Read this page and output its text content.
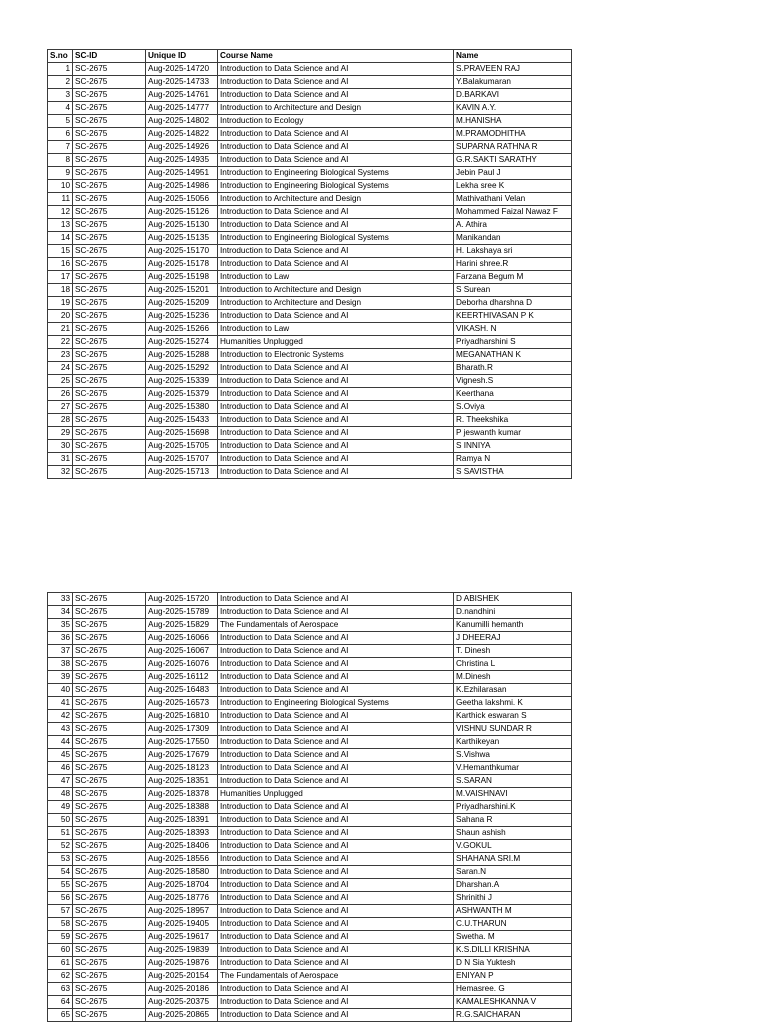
S.no	SC-ID	Unique ID	Course Name	Name
1	SC-2675	Aug-2025-14720	Introduction to Data Science and AI	S.PRAVEEN RAJ
2	SC-2675	Aug-2025-14733	Introduction to Data Science and AI	Y.Balakumaran
3	SC-2675	Aug-2025-14761	Introduction to Data Science and AI	D.BARKAVI
4	SC-2675	Aug-2025-14777	Introduction to Architecture and Design	KAVIN A.Y.
5	SC-2675	Aug-2025-14802	Introduction to Ecology	M.HANISHA
6	SC-2675	Aug-2025-14822	Introduction to Data Science and AI	M.PRAMODHITHA
7	SC-2675	Aug-2025-14926	Introduction to Data Science and AI	SUPARNA RATHNA R
8	SC-2675	Aug-2025-14935	Introduction to Data Science and AI	G.R.SAKTI SARATHY
9	SC-2675	Aug-2025-14951	Introduction to Engineering Biological Systems	Jebin Paul J
10	SC-2675	Aug-2025-14986	Introduction to Engineering Biological Systems	Lekha sree K
11	SC-2675	Aug-2025-15056	Introduction to Architecture and Design	Mathivathani Velan
12	SC-2675	Aug-2025-15126	Introduction to Data Science and AI	Mohammed Faizal Nawaz F
13	SC-2675	Aug-2025-15130	Introduction to Data Science and AI	A. Athira
14	SC-2675	Aug-2025-15135	Introduction to Engineering Biological Systems	Manikandan
15	SC-2675	Aug-2025-15170	Introduction to Data Science and AI	H. Lakshaya sri
16	SC-2675	Aug-2025-15178	Introduction to Data Science and AI	Harini shree.R
17	SC-2675	Aug-2025-15198	Introduction to Law	Farzana Begum M
18	SC-2675	Aug-2025-15201	Introduction to Architecture and Design	S Surean
19	SC-2675	Aug-2025-15209	Introduction to Architecture and Design	Deborha dharshna D
20	SC-2675	Aug-2025-15236	Introduction to Data Science and AI	KEERTHIVASAN P K
21	SC-2675	Aug-2025-15266	Introduction to Law	VIKASH. N
22	SC-2675	Aug-2025-15274	Humanities Unplugged	Priyadharshini S
23	SC-2675	Aug-2025-15288	Introduction to Electronic Systems	MEGANATHAN K
24	SC-2675	Aug-2025-15292	Introduction to Data Science and AI	Bharath.R
25	SC-2675	Aug-2025-15339	Introduction to Data Science and AI	Vignesh.S
26	SC-2675	Aug-2025-15379	Introduction to Data Science and AI	Keerthana
27	SC-2675	Aug-2025-15380	Introduction to Data Science and AI	S.Oviya
28	SC-2675	Aug-2025-15433	Introduction to Data Science and AI	R. Theekshika
29	SC-2675	Aug-2025-15698	Introduction to Data Science and AI	P jeswanth kumar
30	SC-2675	Aug-2025-15705	Introduction to Data Science and AI	S INNIYA
31	SC-2675	Aug-2025-15707	Introduction to Data Science and AI	Ramya N
32	SC-2675	Aug-2025-15713	Introduction to Data Science and AI	S SAVISTHA
33	SC-2675	Aug-2025-15720	Introduction to Data Science and AI	D ABISHEK
34	SC-2675	Aug-2025-15789	Introduction to Data Science and AI	D.nandhini
35	SC-2675	Aug-2025-15829	The Fundamentals of Aerospace	Kanumilli hemanth
36	SC-2675	Aug-2025-16066	Introduction to Data Science and AI	J DHEERAJ
37	SC-2675	Aug-2025-16067	Introduction to Data Science and AI	T. Dinesh
38	SC-2675	Aug-2025-16076	Introduction to Data Science and AI	Christina L
39	SC-2675	Aug-2025-16112	Introduction to Data Science and AI	M.Dinesh
40	SC-2675	Aug-2025-16483	Introduction to Data Science and AI	K.Ezhilarasan
41	SC-2675	Aug-2025-16573	Introduction to Engineering Biological Systems	Geetha lakshmi. K
42	SC-2675	Aug-2025-16810	Introduction to Data Science and AI	Karthick eswaran S
43	SC-2675	Aug-2025-17309	Introduction to Data Science and AI	VISHNU SUNDAR R
44	SC-2675	Aug-2025-17550	Introduction to Data Science and AI	Karthikeyan
45	SC-2675	Aug-2025-17679	Introduction to Data Science and AI	S.Vishwa
46	SC-2675	Aug-2025-18123	Introduction to Data Science and AI	V.Hemanthkumar
47	SC-2675	Aug-2025-18351	Introduction to Data Science and AI	S.SARAN
48	SC-2675	Aug-2025-18378	Humanities Unplugged	M.VAISHNAVI
49	SC-2675	Aug-2025-18388	Introduction to Data Science and AI	Priyadharshini.K
50	SC-2675	Aug-2025-18391	Introduction to Data Science and AI	Sahana R
51	SC-2675	Aug-2025-18393	Introduction to Data Science and AI	Shaun ashish
52	SC-2675	Aug-2025-18406	Introduction to Data Science and AI	V.GOKUL
53	SC-2675	Aug-2025-18556	Introduction to Data Science and AI	SHAHANA SRI.M
54	SC-2675	Aug-2025-18580	Introduction to Data Science and AI	Saran.N
55	SC-2675	Aug-2025-18704	Introduction to Data Science and AI	Dharshan.A
56	SC-2675	Aug-2025-18776	Introduction to Data Science and AI	Shrinithi J
57	SC-2675	Aug-2025-18957	Introduction to Data Science and AI	ASHWANTH M
58	SC-2675	Aug-2025-19405	Introduction to Data Science and AI	C.U.THARUN
59	SC-2675	Aug-2025-19617	Introduction to Data Science and AI	Swetha. M
60	SC-2675	Aug-2025-19839	Introduction to Data Science and AI	K.S.DILLI KRISHNA
61	SC-2675	Aug-2025-19876	Introduction to Data Science and AI	D N Sia Yuktesh
62	SC-2675	Aug-2025-20154	The Fundamentals of Aerospace	ENIYAN P
63	SC-2675	Aug-2025-20186	Introduction to Data Science and AI	Hemasree. G
64	SC-2675	Aug-2025-20375	Introduction to Data Science and AI	KAMALESHKANNA V
65	SC-2675	Aug-2025-20865	Introduction to Data Science and AI	R.G.SAICHARAN
